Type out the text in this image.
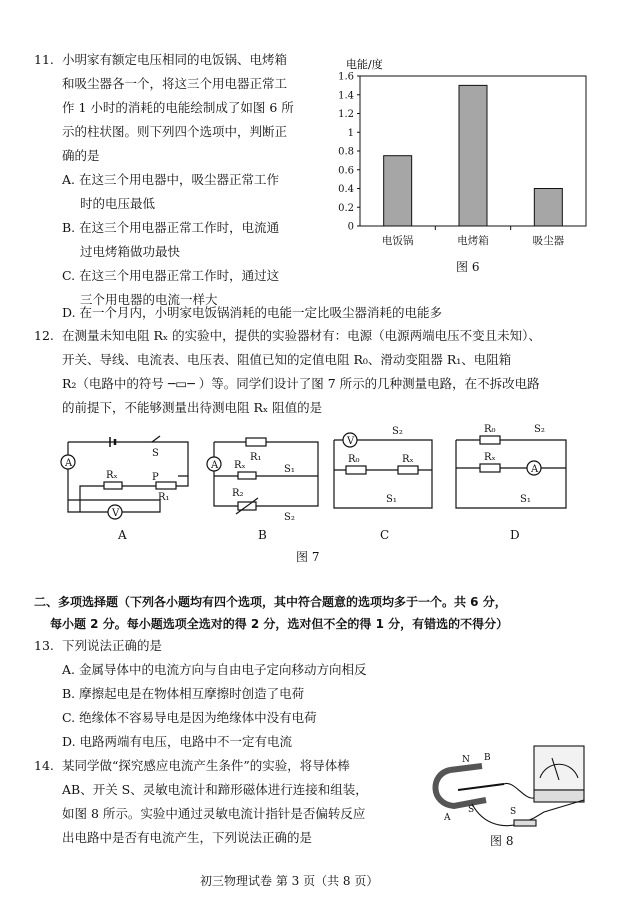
11. 小明家有额定电压相同的电饭锅、电烤箱
和吸尘器各一个，将这三个用电器正常工
作 1 小时的消耗的电能绘制成了如图 6 所
示的柱状图。则下列四个选项中，判断正
确的是
A. 在这三个用电器中，吸尘器正常工作
时的电压最低
B. 在这三个用电器正常工作时，电流通
过电烤箱做功最快
C. 在这三个用电器正常工作时，通过这
三个用电器的电流一样大
D. 在一个月内，小明家电饭锅消耗的电能一定比吸尘器消耗的电能多
电能/度
0
0.2
0.4
0.6
0.8
1
1.2
1.4
1.6
电饭锅	电烤箱	吸尘器
图 6
12. 在测量未知电阻 Rₓ 的实验中，提供的实验器材有：电源（电源两端电压不变且未知）、
开关、导线、电流表、电压表、阻值已知的定值电阻 R₀、滑动变阻器 R₁、电阻箱
R₂（电路中的符号 ─▭─ ）等。同学们设计了图 7 所示的几种测量电路，在不拆改电路
的前提下，不能够测量出待测电阻 Rₓ 阻值的是
A
Rₓ
V
P
R₁
S
A
R₁
Rₓ
R₂
S₁
S₂
V
S₂
R₀	Rₓ
S₁
R₀	S₂
Rₓ
A
S₁
A	B	C	D
图 7
二、多项选择题（下列各小题均有四个选项，其中符合题意的选项均多于一个。共 6 分，
每小题 2 分。每小题选项全选对的得 2 分，选对但不全的得 1 分，有错选的不得分）
13. 下列说法正确的是
A. 金属导体中的电流方向与自由电子定向移动方向相反
B. 摩擦起电是在物体相互摩擦时创造了电荷
C. 绝缘体不容易导电是因为绝缘体中没有电荷
D. 电路两端有电压，电路中不一定有电流
14. 某同学做“探究感应电流产生条件”的实验，将导体棒
AB、开关 S、灵敏电流计和蹄形磁体进行连接和组装，
如图 8 所示。实验中通过灵敏电流计指针是否偏转反应
出电路中是否有电流产生，下列说法正确的是
N B
A
S	S
图 8
初三物理试卷 第 3 页（共 8 页）
